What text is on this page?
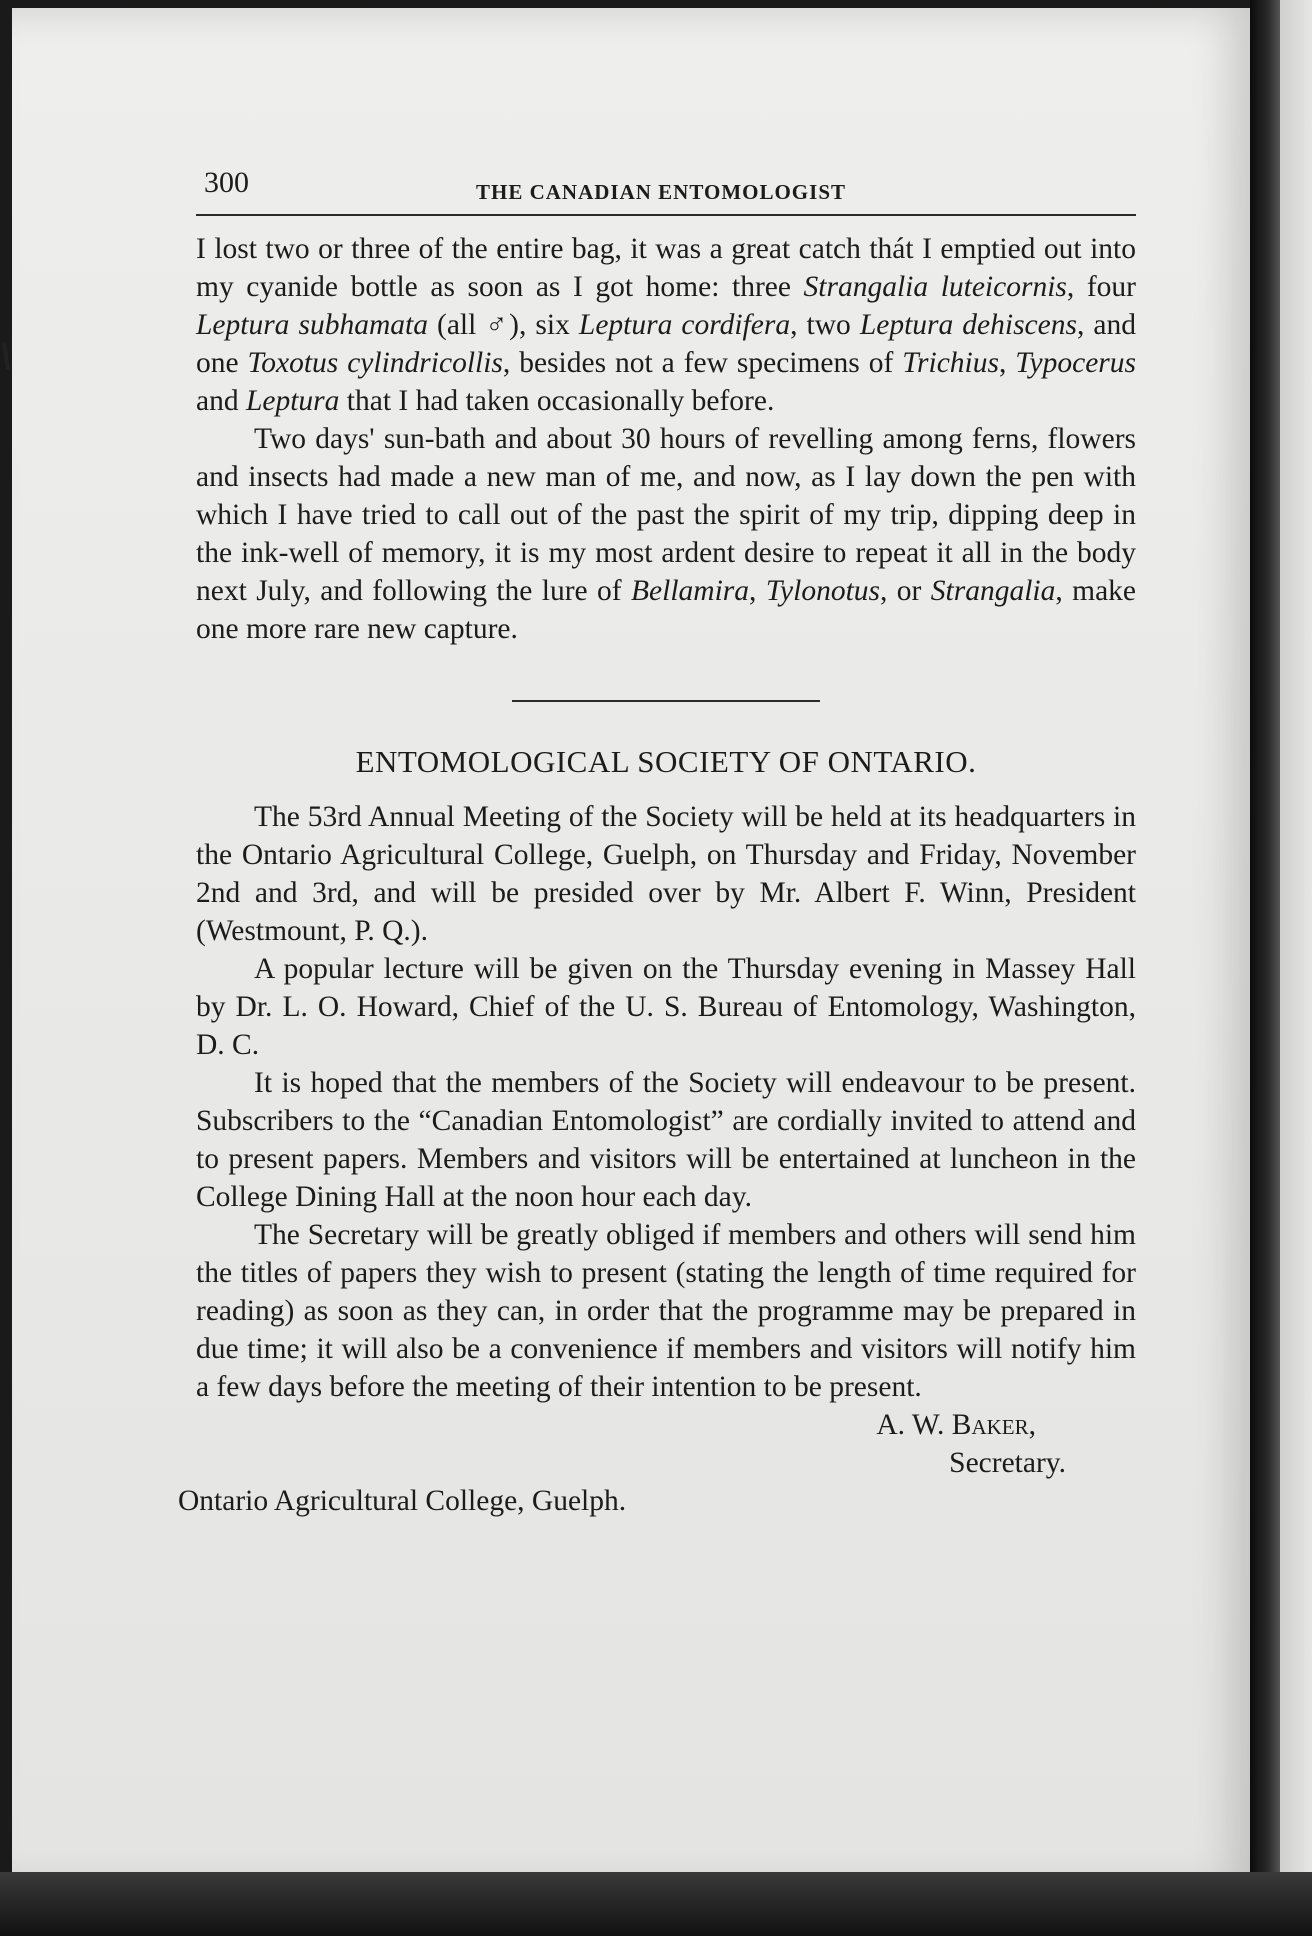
300	THE CANADIAN ENTOMOLOGIST

I lost two or three of the entire bag, it was a great catch thát I emptied out into my cyanide bottle as soon as I got home: three Strangalia luteicornis, four Leptura subhamata (all ♂), six Leptura cordifera, two Leptura dehiscens, and one Toxotus cylindricollis, besides not a few specimens of Trichius, Typocerus and Leptura that I had taken occasionally before.

Two days' sun-bath and about 30 hours of revelling among ferns, flowers and insects had made a new man of me, and now, as I lay down the pen with which I have tried to call out of the past the spirit of my trip, dipping deep in the ink-well of memory, it is my most ardent desire to repeat it all in the body next July, and following the lure of Bellamira, Tylonotus, or Strangalia, make one more rare new capture.

ENTOMOLOGICAL SOCIETY OF ONTARIO.

The 53rd Annual Meeting of the Society will be held at its headquarters in the Ontario Agricultural College, Guelph, on Thursday and Friday, November 2nd and 3rd, and will be presided over by Mr. Albert F. Winn, President (Westmount, P. Q.).

A popular lecture will be given on the Thursday evening in Massey Hall by Dr. L. O. Howard, Chief of the U. S. Bureau of Entomology, Washington, D. C.

It is hoped that the members of the Society will endeavour to be present. Subscribers to the “Canadian Entomologist” are cordially invited to attend and to present papers. Members and visitors will be entertained at luncheon in the College Dining Hall at the noon hour each day.

The Secretary will be greatly obliged if members and others will send him the titles of papers they wish to present (stating the length of time required for reading) as soon as they can, in order that the programme may be prepared in due time; it will also be a convenience if members and visitors will notify him a few days before the meeting of their intention to be present.

A. W. Baker,
Secretary.
Ontario Agricultural College, Guelph.
